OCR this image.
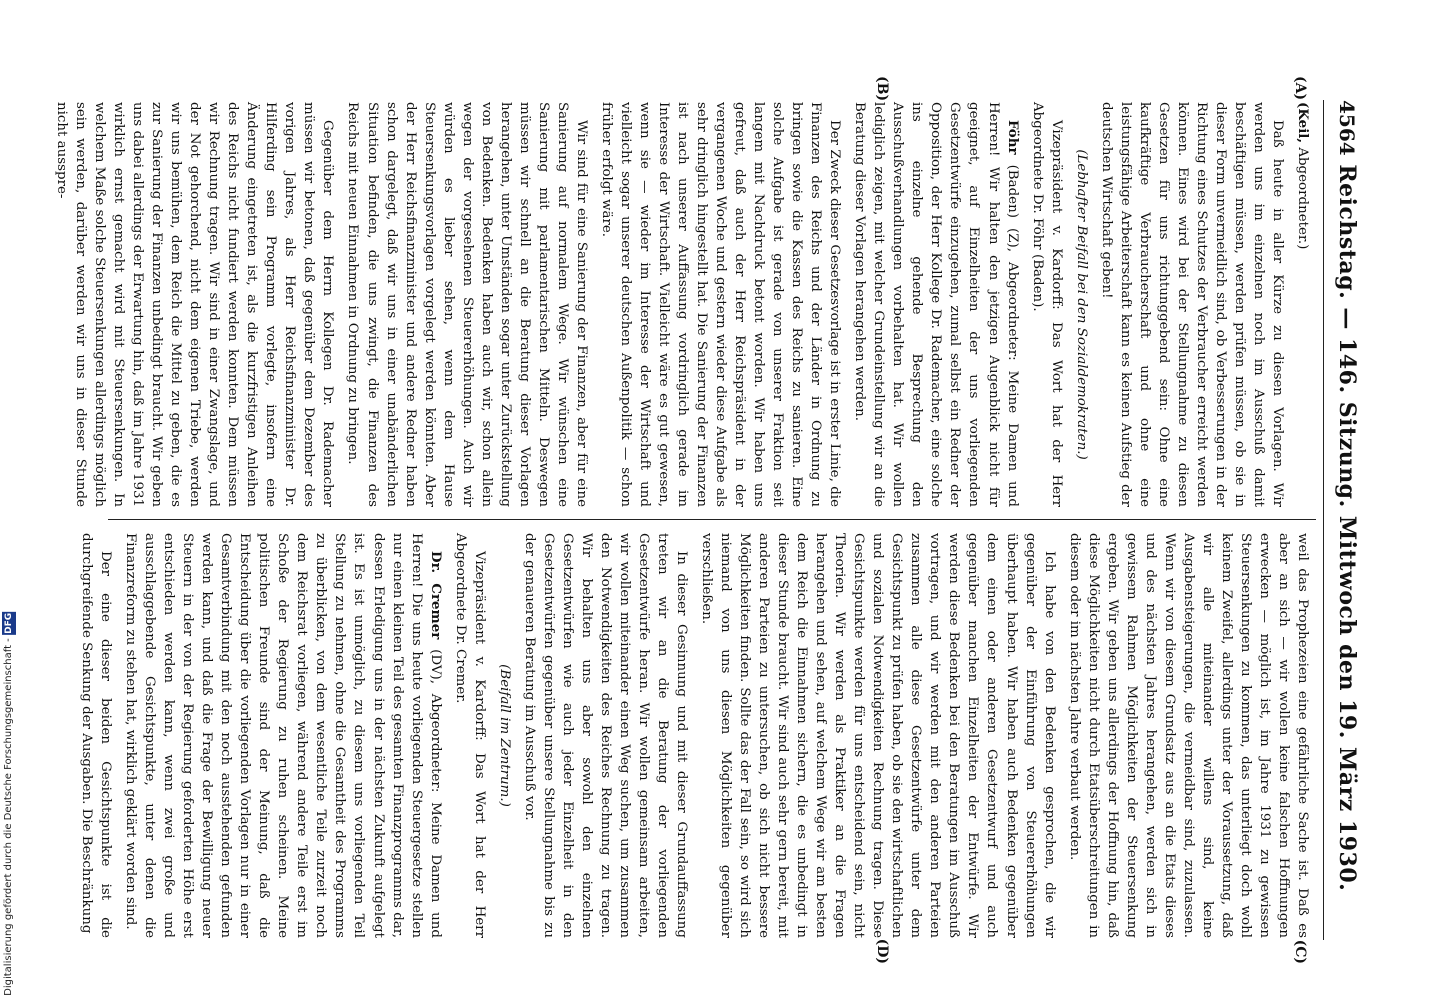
4564
Reichstag. — 146. Sitzung. Mittwoch den 19. März 1930.
(A)
(B)
(C)
(D)

(Keil, Abgeordneter.)

Daß heute in aller Kürze zu diesen Vorlagen. Wir werden uns im einzelnen noch im Ausschuß damit beschäftigen müssen, werden prüfen müssen, ob sie in dieser Form unvermeidlich sind, ob Verbesserungen in der Richtung eines Schutzes der Verbraucher erreicht werden können. Eines wird bei der Stellungnahme zu diesen Gesetzen für uns richtunggebend sein: Ohne eine kaufkräftige Verbraucherschaft und ohne eine leistungsfähige Arbeiterschaft kann es keinen Aufstieg der deutschen Wirtschaft geben!

(Lebhafter Beifall bei den Sozialdemokraten.)

Vizepräsident v. Kardorff: Das Wort hat der Herr Abgeordnete Dr. Föhr (Baden).

Föhr (Baden) (Z), Abgeordneter: Meine Damen und Herren! Wir halten den jetzigen Augenblick nicht für geeignet, auf Einzelheiten der uns vorliegenden Gesetzentwürfe einzugehen, zumal selbst ein Redner der Opposition, der Herr Kollege Dr. Rademacher, eine solche ins einzelne gehende Besprechung den Ausschußverhandlungen vorbehalten hat. Wir wollen lediglich zeigen, mit welcher Grundeinstellung wir an die Beratung dieser Vorlagen herangehen werden.

Der Zweck dieser Gesetzesvorlage ist in erster Linie, die Finanzen des Reichs und der Länder in Ordnung zu bringen sowie die Kassen des Reichs zu sanieren. Eine solche Aufgabe ist gerade von unserer Fraktion seit langem mit Nachdruck betont worden. Wir haben uns gefreut, daß auch der Herr Reichspräsident in der vergangenen Woche und gestern wieder diese Aufgabe als sehr dringlich hingestellt hat. Die Sanierung der Finanzen ist nach unserer Auffassung vordringlich gerade im Interesse der Wirtschaft. Vielleicht wäre es gut gewesen, wenn sie — wieder im Interesse der Wirtschaft und vielleicht sogar unserer deutschen Außenpolitik — schon früher erfolgt wäre.

Wir sind für eine Sanierung der Finanzen, aber für eine Sanierung auf normalem Wege. Wir wünschen eine Sanierung mit parlamentarischen Mitteln. Deswegen müssen wir schnell an die Beratung dieser Vorlagen herangehen, unter Umständen sogar unter Zurückstellung von Bedenken. Bedenken haben auch wir, schon allein wegen der vorgesehenen Steuererhöhungen. Auch wir würden es lieber sehen, wenn dem Hause Steuersenkungsvorlagen vorgelegt werden könnten. Aber der Herr Reichsfinanzminister und andere Redner haben schon dargelegt, daß wir uns in einer unabänderlichen Situation befinden, die uns zwingt, die Finanzen des Reichs mit neuen Einnahmen in Ordnung zu bringen.

Gegenüber dem Herrn Kollegen Dr. Rademacher müssen wir betonen, daß gegenüber dem Dezember des vorigen Jahres, als Herr Reichsfinanzminister Dr. Hilferding sein Programm vorlegte, insofern eine Änderung eingetreten ist, als die kurzfristigen Anleihen des Reichs nicht fundiert werden konnten. Dem müssen wir Rechnung tragen. Wir sind in einer Zwangslage, und der Not gehorchend, nicht dem eigenen Triebe, werden wir uns bemühen, dem Reich die Mittel zu geben, die es zur Sanierung der Finanzen unbedingt braucht. Wir geben uns dabei allerdings der Erwartung hin, daß im Jahre 1931 wirklich ernst gemacht wird mit Steuersenkungen. In welchem Maße solche Steuersenkungen allerdings möglich sein werden, darüber werden wir uns in dieser Stunde nicht ausspre-

weil das Prophezeien eine gefährliche Sache ist. Daß es aber an sich — wir wollen keine falschen Hoffnungen erwecken — möglich ist, im Jahre 1931 zu gewissen Steuersenkungen zu kommen, das unterliegt doch wohl keinem Zweifel, allerdings unter der Voraussetzung, daß wir alle miteinander willens sind, keine Ausgabensteigerungen, die vermeidbar sind, zuzulassen. Wenn wir von diesem Grundsatz aus an die Etats dieses und des nächsten Jahres herangehen, werden sich in gewissem Rahmen Möglichkeiten der Steuersenkung ergeben. Wir geben uns allerdings der Hoffnung hin, daß diese Möglichkeiten nicht durch Etatsüberschreitungen in diesem oder im nächsten Jahre verbaut werden.

Ich habe von den Bedenken gesprochen, die wir gegenüber der Einführung von Steuererhöhungen überhaupt haben. Wir haben auch Bedenken gegenüber dem einen oder anderen Gesetzentwurf und auch gegenüber manchen Einzelheiten der Entwürfe. Wir werden diese Bedenken bei den Beratungen im Ausschuß vortragen, und wir werden mit den anderen Parteien zusammen alle diese Gesetzentwürfe unter dem Gesichtspunkt zu prüfen haben, ob sie den wirtschaftlichen und sozialen Notwendigkeiten Rechnung tragen. Diese Gesichtspunkte werden für uns entscheidend sein, nicht Theorien. Wir werden als Praktiker an die Fragen herangehen und sehen, auf welchem Wege wir am besten dem Reich die Einnahmen sichern, die es unbedingt in dieser Stunde braucht. Wir sind auch sehr gern bereit, mit anderen Parteien zu untersuchen, ob sich nicht bessere Möglichkeiten finden. Sollte das der Fall sein, so wird sich niemand von uns diesen Möglichkeiten gegenüber verschließen.

In dieser Gesinnung und mit dieser Grundauffassung treten wir an die Beratung der vorliegenden Gesetzentwürfe heran. Wir wollen gemeinsam arbeiten, wir wollen miteinander einen Weg suchen, um zusammen den Notwendigkeiten des Reiches Rechnung zu tragen. Wir behalten uns aber sowohl den einzelnen Gesetzentwürfen wie auch jeder Einzelheit in den Gesetzentwürfen gegenüber unsere Stellungnahme bis zu der genaueren Beratung im Ausschuß vor.

(Beifall im Zentrum.)

Vizepräsident v. Kardorff: Das Wort hat der Herr Abgeordnete Dr. Cremer.

Dr. Cremer (DV), Abgeordneter: Meine Damen und Herren! Die uns heute vorliegenden Steuergesetze stellen nur einen kleinen Teil des gesamten Finanzprogramms dar, dessen Erledigung uns in der nächsten Zukunft aufgelegt ist. Es ist unmöglich, zu diesem uns vorliegenden Teil Stellung zu nehmen, ohne die Gesamtheit des Programms zu überblicken, von dem wesentliche Teile zurzeit noch dem Reichsrat vorliegen, während andere Teile erst im Schoße der Regierung zu ruhen scheinen. Meine politischen Freunde sind der Meinung, daß die Entscheidung über die vorliegenden Vorlagen nur in einer Gesamtverbindung mit den noch ausstehenden gefunden werden kann, und daß die Frage der Bewilligung neuer Steuern in der von der Regierung geforderten Höhe erst entschieden werden kann, wenn zwei große und ausschlaggebende Gesichtspunkte, unter denen die Finanzreform zu stehen hat, wirklich geklärt worden sind.

Der eine dieser beiden Gesichtspunkte ist die durchgreifende Senkung der Ausgaben. Die Beschränkung

Digitalisierung gefördert durch die Deutsche Forschungsgemeinschaft - DFG
